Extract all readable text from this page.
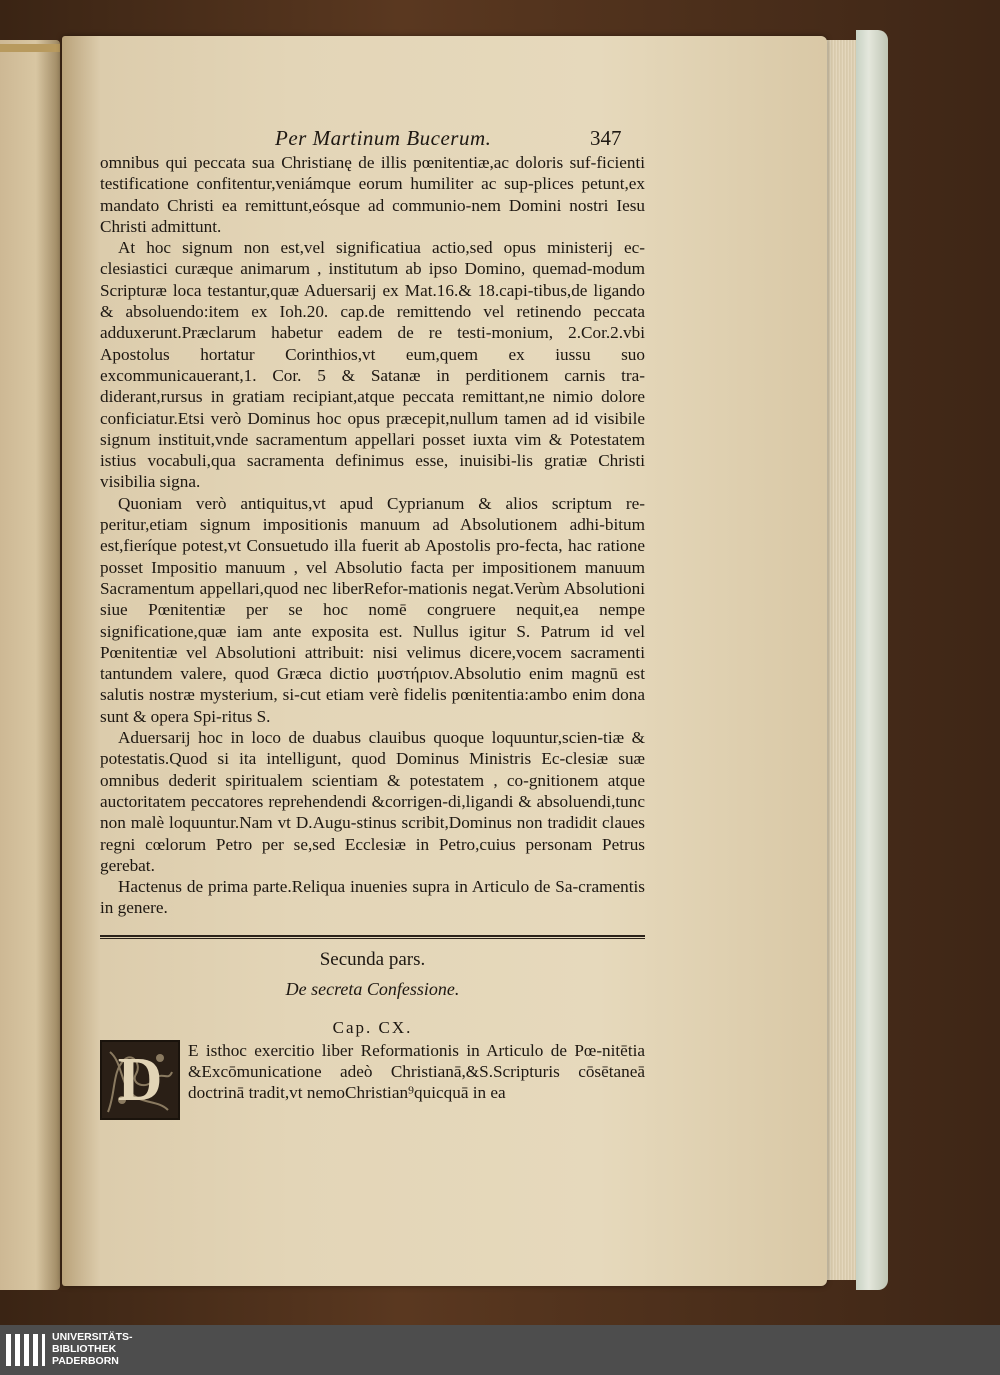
Per Martinum Bucerum.	347

omnibus qui peccata sua Christianę de illis pœnitentiæ,ac doloris suf-ficienti testificatione confitentur,veniámque eorum humiliter ac sup-plices petunt,ex mandato Christi ea remittunt,eósque ad communio-nem Domini nostri Iesu Christi admittunt.

At hoc signum non est,vel significatiua actio,sed opus ministerij ec-clesiastici curæque animarum , institutum ab ipso Domino, quemad-modum Scripturæ loca testantur,quæ Aduersarij ex Mat.16.& 18.capi-tibus,de ligando & absoluendo:item ex Ioh.20. cap.de remittendo vel retinendo peccata adduxerunt.Præclarum habetur eadem de re testi-monium, 2.Cor.2.vbi Apostolus hortatur Corinthios,vt eum,quem ex iussu suo excommunicauerant,1. Cor. 5 & Satanæ in perditionem carnis tra-diderant,rursus in gratiam recipiant,atque peccata remittant,ne nimio dolore conficiatur.Etsi verò Dominus hoc opus præcepit,nullum tamen ad id visibile signum instituit,vnde sacramentum appellari posset iuxta vim & Potestatem istius vocabuli,qua sacramenta definimus esse, inuisibi-lis gratiæ Christi visibilia signa.

Quoniam verò antiquitus,vt apud Cyprianum & alios scriptum re-peritur,etiam signum impositionis manuum ad Absolutionem adhi-bitum est,fieríque potest,vt Consuetudo illa fuerit ab Apostolis pro-fecta, hac ratione posset Impositio manuum , vel Absolutio facta per impositionem manuum Sacramentum appellari,quod nec liberRefor-mationis negat.Verùm Absolutioni siue Pœnitentiæ per se hoc nomē congruere nequit,ea nempe significatione,quæ iam ante exposita est. Nullus igitur S. Patrum id vel Pœnitentiæ vel Absolutioni attribuit: nisi velimus dicere,vocem sacramenti tantundem valere, quod Græca dictio μυστήριον.Absolutio enim magnū est salutis nostræ mysterium, si-cut etiam verè fidelis pœnitentia:ambo enim dona sunt & opera Spi-ritus S.

Aduersarij hoc in loco de duabus clauibus quoque loquuntur,scien-tiæ & potestatis.Quod si ita intelligunt, quod Dominus Ministris Ec-clesiæ suæ omnibus dederit spiritualem scientiam & potestatem , co-gnitionem atque auctoritatem peccatores reprehendendi &corrigen-di,ligandi & absoluendi,tunc non malè loquuntur.Nam vt D.Augu-stinus scribit,Dominus non tradidit claues regni cœlorum Petro per se,sed Ecclesiæ in Petro,cuius personam Petrus gerebat.

Hactenus de prima parte.Reliqua inuenies supra in Articulo de Sa-cramentis in genere.

Secunda pars.

De secreta Confessione.

Cap. CX.

D E isthoc exercitio liber Reformationis in Articulo de Pœ-nitētia &Excōmunicatione adeò Christianā,&S.Scripturis cōsētaneā doctrinā tradit,vt nemoChristian⁹quicquā in ea
UNIVERSITÄTS-
BIBLIOTHEK
PADERBORN
